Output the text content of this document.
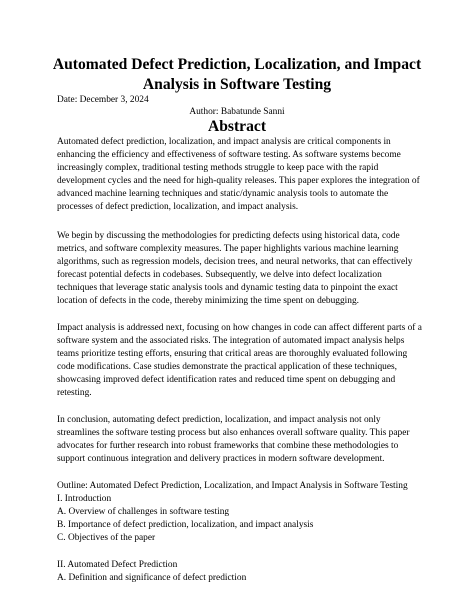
Automated Defect Prediction, Localization, and Impact
Analysis in Software Testing
Date: December 3, 2024
Author: Babatunde Sanni
Abstract
Automated defect prediction, localization, and impact analysis are critical components in
enhancing the efficiency and effectiveness of software testing. As software systems become
increasingly complex, traditional testing methods struggle to keep pace with the rapid
development cycles and the need for high-quality releases. This paper explores the integration of
advanced machine learning techniques and static/dynamic analysis tools to automate the
processes of defect prediction, localization, and impact analysis.
We begin by discussing the methodologies for predicting defects using historical data, code
metrics, and software complexity measures. The paper highlights various machine learning
algorithms, such as regression models, decision trees, and neural networks, that can effectively
forecast potential defects in codebases. Subsequently, we delve into defect localization
techniques that leverage static analysis tools and dynamic testing data to pinpoint the exact
location of defects in the code, thereby minimizing the time spent on debugging.
Impact analysis is addressed next, focusing on how changes in code can affect different parts of a
software system and the associated risks. The integration of automated impact analysis helps
teams prioritize testing efforts, ensuring that critical areas are thoroughly evaluated following
code modifications. Case studies demonstrate the practical application of these techniques,
showcasing improved defect identification rates and reduced time spent on debugging and
retesting.
In conclusion, automating defect prediction, localization, and impact analysis not only
streamlines the software testing process but also enhances overall software quality. This paper
advocates for further research into robust frameworks that combine these methodologies to
support continuous integration and delivery practices in modern software development.
Outline: Automated Defect Prediction, Localization, and Impact Analysis in Software Testing
I. Introduction
A. Overview of challenges in software testing
B. Importance of defect prediction, localization, and impact analysis
C. Objectives of the paper
II. Automated Defect Prediction
A. Definition and significance of defect prediction
